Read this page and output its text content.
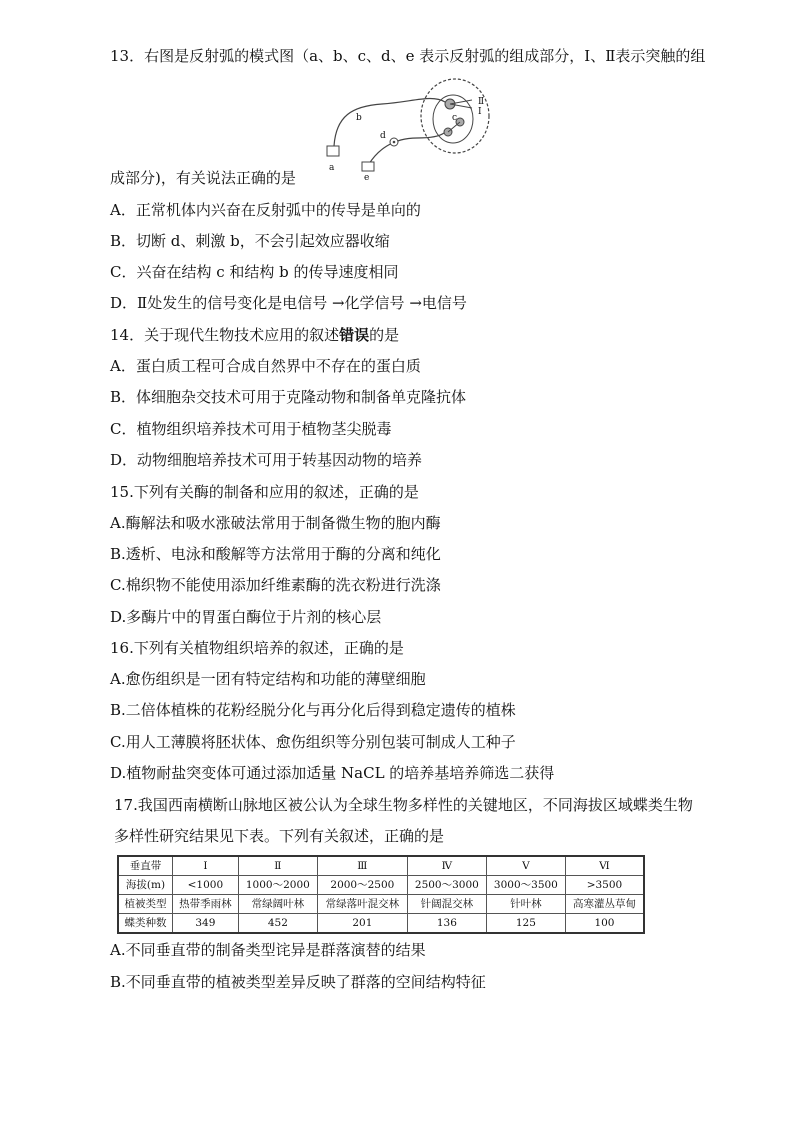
13．右图是反射弧的模式图（a、b、c、d、e 表示反射弧的组成部分，Ⅰ、Ⅱ表示突触的组
a
b	c
d
e
Ⅱ
Ⅰ
成部分)，有关说法正确的是
A．正常机体内兴奋在反射弧中的传导是单向的
B．切断 d、刺激 b，不会引起效应器收缩
C．兴奋在结构 c 和结构 b 的传导速度相同
D．Ⅱ处发生的信号变化是电信号 →化学信号 →电信号
14．关于现代生物技术应用的叙述错误的是
A．蛋白质工程可合成自然界中不存在的蛋白质
B．体细胞杂交技术可用于克隆动物和制备单克隆抗体
C．植物组织培养技术可用于植物茎尖脱毒
D．动物细胞培养技术可用于转基因动物的培养
15.下列有关酶的制备和应用的叙述，正确的是
A.酶解法和吸水涨破法常用于制备微生物的胞内酶
B.透析、电泳和酸解等方法常用于酶的分离和纯化
C.棉织物不能使用添加纤维素酶的洗衣粉进行洗涤
D.多酶片中的胃蛋白酶位于片剂的核心层
16.下列有关植物组织培养的叙述，正确的是
A.愈伤组织是一团有特定结构和功能的薄壁细胞
B.二倍体植株的花粉经脱分化与再分化后得到稳定遗传的植株
C.用人工薄膜将胚状体、愈伤组织等分别包装可制成人工种子
D.植物耐盐突变体可通过添加适量 NaCL 的培养基培养筛选二获得
17.我国西南横断山脉地区被公认为全球生物多样性的关键地区，不同海拔区域蝶类生物
多样性研究结果见下表。下列有关叙述，正确的是
垂直带	Ⅰ	Ⅱ	Ⅲ	Ⅳ	Ⅴ	Ⅵ
海拔(m)	<1000	1000～2000	2000～2500	2500～3000	3000～3500	>3500
植被类型	热带季雨林	常绿阔叶林	常绿落叶混交林	针阔混交林	针叶林	高寒灌丛草甸
蝶类种数	349	452	201	136	125	100
A.不同垂直带的制备类型诧异是群落演替的结果
B.不同垂直带的植被类型差异反映了群落的空间结构特征
